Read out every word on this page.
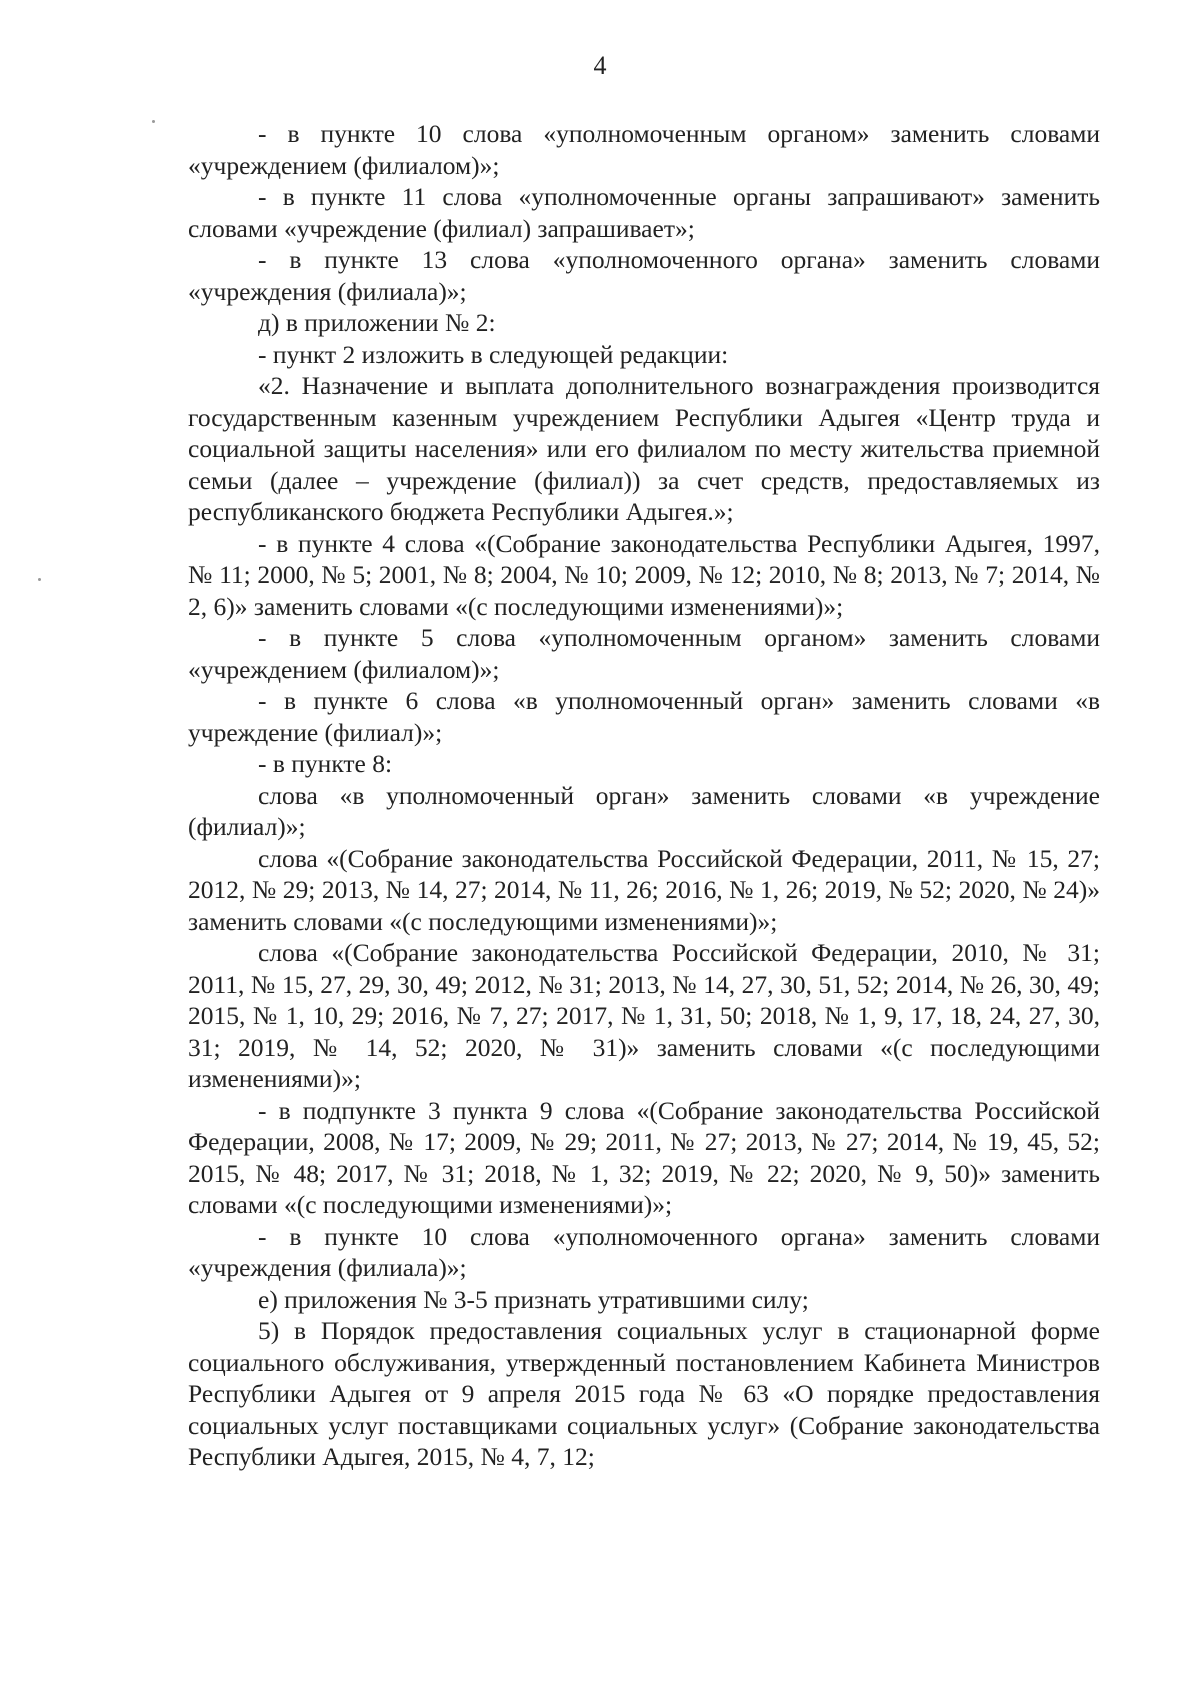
4

- в пункте 10 слова «уполномоченным органом» заменить словами «учреждением (филиалом)»;

- в пункте 11 слова «уполномоченные органы запрашивают» заменить словами «учреждение (филиал) запрашивает»;

- в пункте 13 слова «уполномоченного органа» заменить словами «учреждения (филиала)»;

д) в приложении № 2:

- пункт 2 изложить в следующей редакции:

«2. Назначение и выплата дополнительного вознаграждения производится государственным казенным учреждением Республики Адыгея «Центр труда и социальной защиты населения» или его филиалом по месту жительства приемной семьи (далее – учреждение (филиал)) за счет средств, предоставляемых из республиканского бюджета Республики Адыгея.»;

- в пункте 4 слова «(Собрание законодательства Республики Адыгея, 1997, № 11; 2000, № 5; 2001, № 8; 2004, № 10; 2009, № 12; 2010, № 8; 2013, № 7; 2014, № 2, 6)» заменить словами «(с последующими изменениями)»;

- в пункте 5 слова «уполномоченным органом» заменить словами «учреждением (филиалом)»;

- в пункте 6 слова «в уполномоченный орган» заменить словами «в учреждение (филиал)»;

- в пункте 8:

слова «в уполномоченный орган» заменить словами «в учреждение (филиал)»;

слова «(Собрание законодательства Российской Федерации, 2011, № 15, 27; 2012, № 29; 2013, № 14, 27; 2014, № 11, 26; 2016, № 1, 26; 2019, № 52; 2020, № 24)» заменить словами «(с последующими изменениями)»;

слова «(Собрание законодательства Российской Федерации, 2010, № 31; 2011, № 15, 27, 29, 30, 49; 2012, № 31; 2013, № 14, 27, 30, 51, 52; 2014, № 26, 30, 49; 2015, № 1, 10, 29; 2016, № 7, 27; 2017, № 1, 31, 50; 2018, № 1, 9, 17, 18, 24, 27, 30, 31; 2019, № 14, 52; 2020, № 31)» заменить словами «(с последующими изменениями)»;

- в подпункте 3 пункта 9 слова «(Собрание законодательства Российской Федерации, 2008, № 17; 2009, № 29; 2011, № 27; 2013, № 27; 2014, № 19, 45, 52; 2015, № 48; 2017, № 31; 2018, № 1, 32; 2019, № 22; 2020, № 9, 50)» заменить словами «(с последующими изменениями)»;

- в пункте 10 слова «уполномоченного органа» заменить словами «учреждения (филиала)»;

е) приложения № 3-5 признать утратившими силу;

5) в Порядок предоставления социальных услуг в стационарной форме социального обслуживания, утвержденный постановлением Кабинета Министров Республики Адыгея от 9 апреля 2015 года № 63 «О порядке предоставления социальных услуг поставщиками социальных услуг» (Собрание законодательства Республики Адыгея, 2015, № 4, 7, 12;
